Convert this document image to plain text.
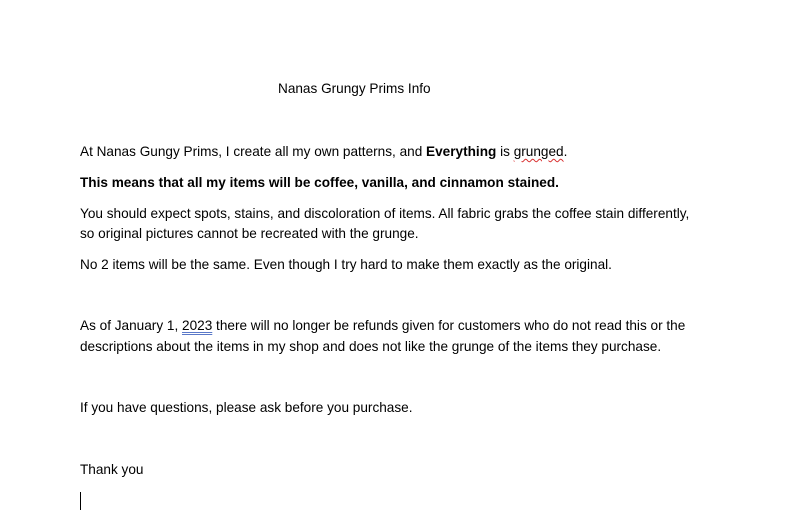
Nanas Grungy Prims Info
At Nanas Gungy Prims, I create all my own patterns, and Everything is grunged.
This means that all my items will be coffee, vanilla, and cinnamon stained.
You should expect spots, stains, and discoloration of items. All fabric grabs the coffee stain differently,
so original pictures cannot be recreated with the grunge.
No 2 items will be the same. Even though I try hard to make them exactly as the original.
As of January 1, 2023 there will no longer be refunds given for customers who do not read this or the
descriptions about the items in my shop and does not like the grunge of the items they purchase.
If you have questions, please ask before you purchase.
Thank you
